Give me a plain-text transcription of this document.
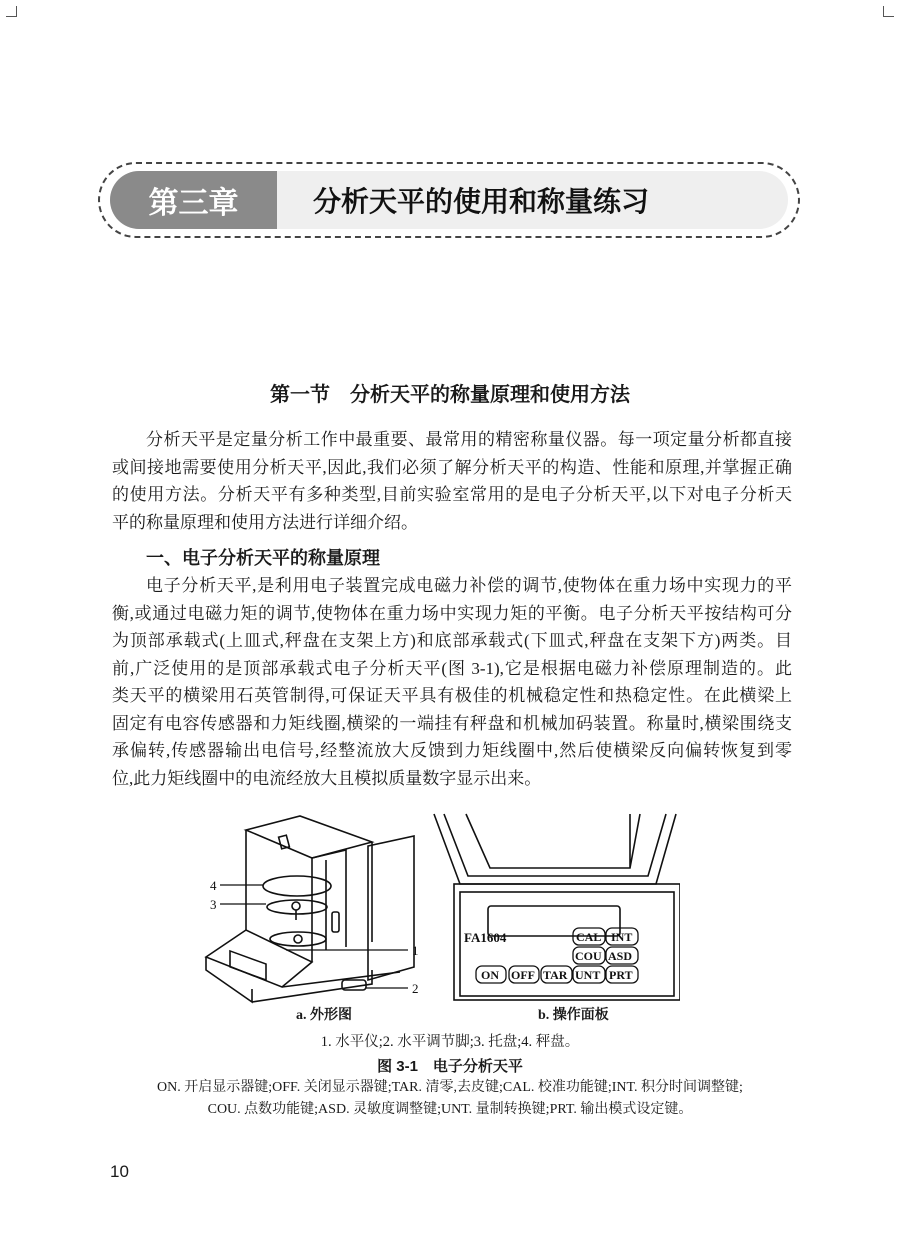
第三章	分析天平的使用和称量练习
第一节　分析天平的称量原理和使用方法
分析天平是定量分析工作中最重要、最常用的精密称量仪器。每一项定量分析都直接
或间接地需要使用分析天平,因此,我们必须了解分析天平的构造、性能和原理,并掌握正确
的使用方法。分析天平有多种类型,目前实验室常用的是电子分析天平,以下对电子分析天
平的称量原理和使用方法进行详细介绍。
一、电子分析天平的称量原理
电子分析天平,是利用电子装置完成电磁力补偿的调节,使物体在重力场中实现力的平
衡,或通过电磁力矩的调节,使物体在重力场中实现力矩的平衡。电子分析天平按结构可分
为顶部承载式(上皿式,秤盘在支架上方)和底部承载式(下皿式,秤盘在支架下方)两类。目
前,广泛使用的是顶部承载式电子分析天平(图 3-1),它是根据电磁力补偿原理制造的。此
类天平的横梁用石英管制得,可保证天平具有极佳的机械稳定性和热稳定性。在此横梁上
固定有电容传感器和力矩线圈,横梁的一端挂有秤盘和机械加码装置。称量时,横梁围绕支
承偏转,传感器输出电信号,经整流放大反馈到力矩线圈中,然后使横梁反向偏转恢复到零
位,此力矩线圈中的电流经放大且模拟质量数字显示出来。
4
3
1
2
FA1604	CAL INT
COU ASD
ON OFF TAR UNT PRT
a. 外形图	b. 操作面板
1. 水平仪;2. 水平调节脚;3. 托盘;4. 秤盘。
图 3-1　电子分析天平
ON. 开启显示器键;OFF. 关闭显示器键;TAR. 清零,去皮键;CAL. 校准功能键;INT. 积分时间调整键;
COU. 点数功能键;ASD. 灵敏度调整键;UNT. 量制转换键;PRT. 输出模式设定键。
10
